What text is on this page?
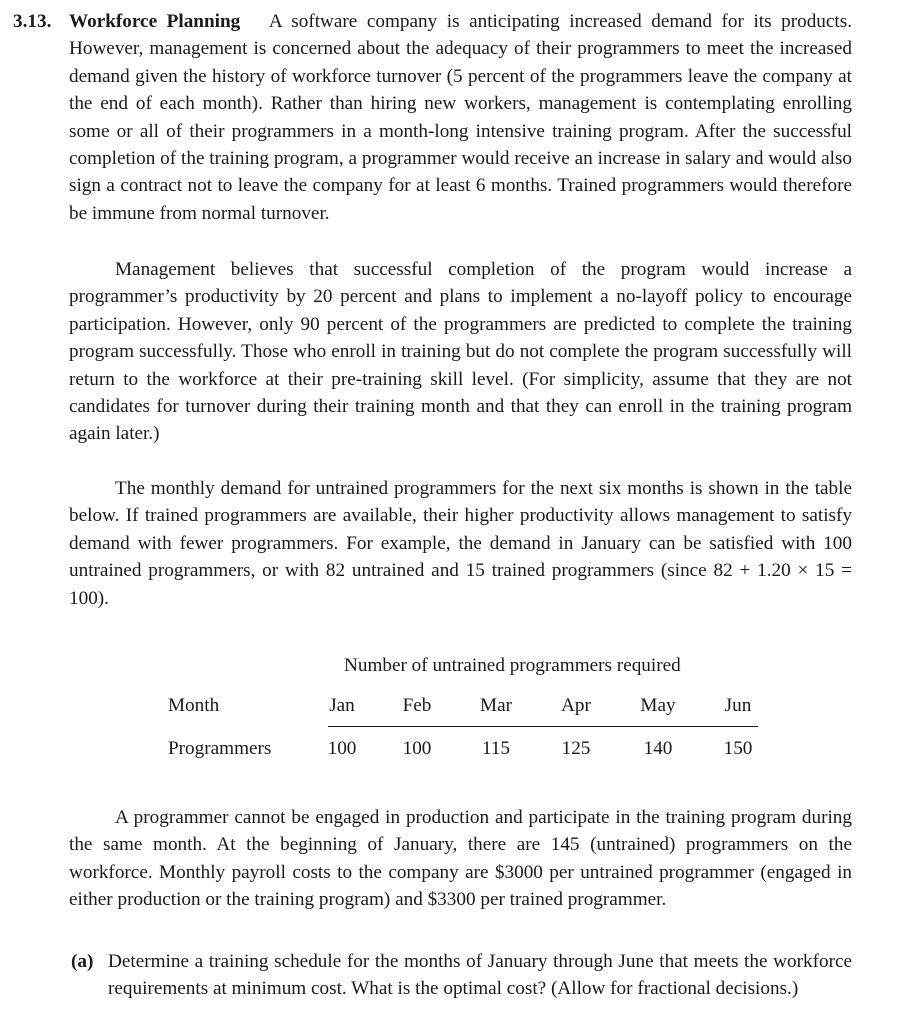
3.13. Workforce Planning A software company is anticipating increased demand for its products. However, management is concerned about the adequacy of their programmers to meet the increased demand given the history of workforce turnover (5 percent of the programmers leave the company at the end of each month). Rather than hiring new workers, management is contemplating enrolling some or all of their programmers in a month-long intensive training program. After the successful completion of the training program, a programmer would receive an increase in salary and would also sign a contract not to leave the company for at least 6 months. Trained programmers would therefore be immune from normal turnover.

Management believes that successful completion of the program would increase a programmer’s productivity by 20 percent and plans to implement a no-layoff policy to encourage participation. However, only 90 percent of the programmers are predicted to complete the training program successfully. Those who enroll in training but do not complete the program successfully will return to the workforce at their pre-training skill level. (For simplicity, assume that they are not candidates for turnover during their training month and that they can enroll in the training program again later.)

The monthly demand for untrained programmers for the next six months is shown in the table below. If trained programmers are available, their higher productivity allows management to satisfy demand with fewer programmers. For example, the demand in January can be satisfied with 100 untrained programmers, or with 82 untrained and 15 trained programmers (since 82 + 1.20 × 15 = 100).

Number of untrained programmers required
Month	Jan	Feb	Mar	Apr	May	Jun
Programmers	100	100	115	125	140	150

A programmer cannot be engaged in production and participate in the training program during the same month. At the beginning of January, there are 145 (untrained) programmers on the workforce. Monthly payroll costs to the company are $3000 per untrained programmer (engaged in either production or the training program) and $3300 per trained programmer.

(a) Determine a training schedule for the months of January through June that meets the workforce requirements at minimum cost. What is the optimal cost? (Allow for fractional decisions.)
